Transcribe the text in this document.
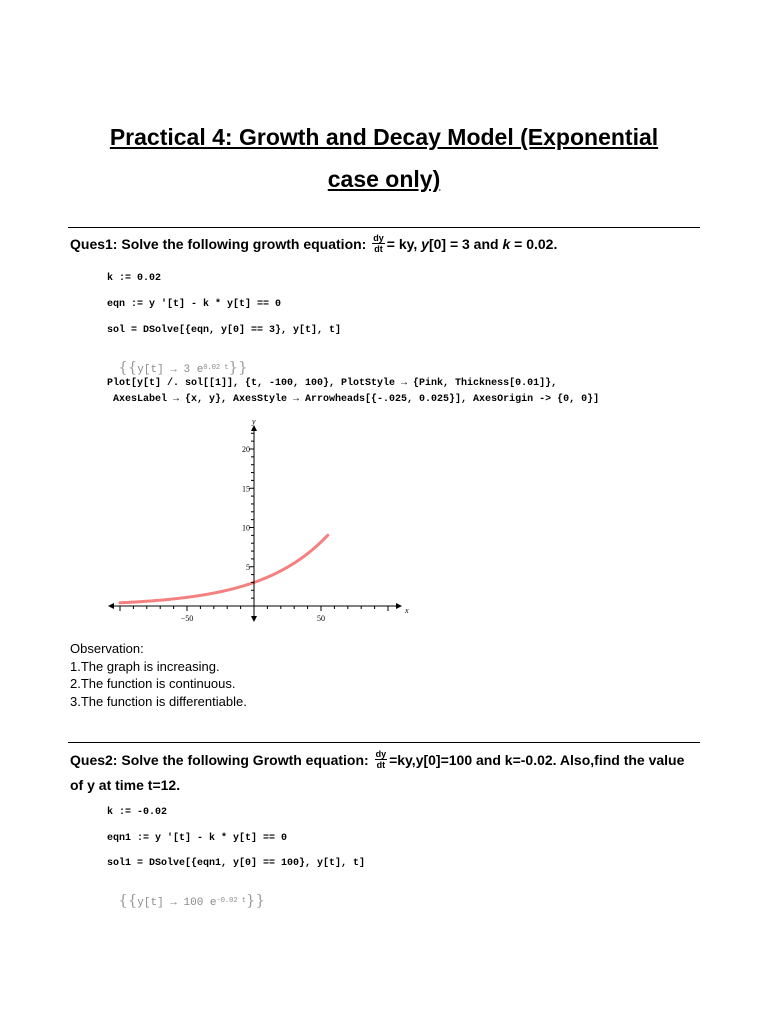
Practical 4: Growth and Decay Model (Exponential
case only)
Ques1: Solve the following growth equation: $\frac{dy}{dt}$ = ky, y[0] = 3 and k = 0.02.
k := 0.02
eqn := y '[t] - k * y[t] == 0
sol = DSolve[{eqn, y[0] == 3}, y[t], t]

{{y[t] → 3 $e^{0.02 t}$}}

Plot[y[t] /. sol[[1]], {t, -100, 100}, PlotStyle → {Pink, Thickness[0.01]},
AxesLabel → {x, y}, AxesStyle → Arrowheads[{-.025, 0.025}], AxesOrigin -> {0, 0}]
−50	50
5
10
15
20
x
y
Observation:
1.The graph is increasing.
2.The function is continuous.
3.The function is differentiable.
Ques2: Solve the following Growth equation: $\frac{dy}{dt} =ky,y[0]=100$ and k=-0.02. Also,find the value
of y at time t=12.
k := -0.02
eqn1 := y '[t] - k * y[t] == 0
sol1 = DSolve[{eqn1, y[0] == 100}, y[t], t]

{{y[t] → 100 $e^{-0.02 t}$}}
